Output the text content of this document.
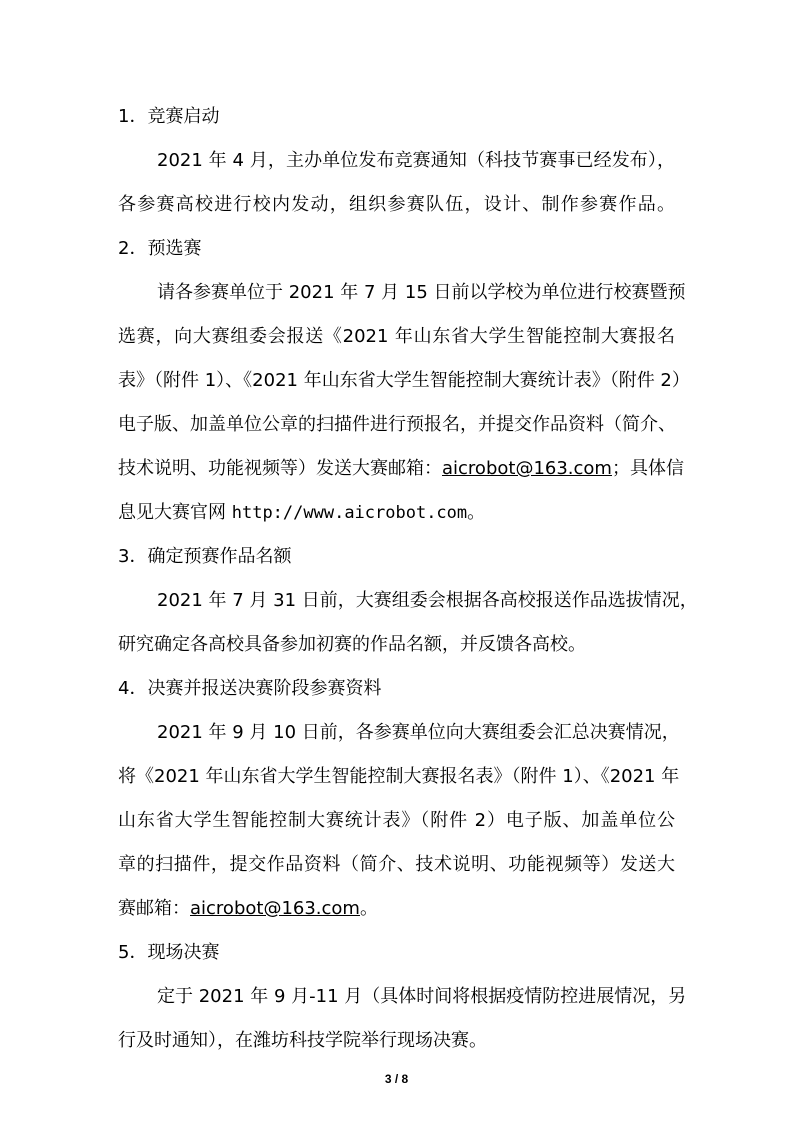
1．竞赛启动
2021 年 4 月，主办单位发布竞赛通知（科技节赛事已经发布），
各参赛高校进行校内发动，组织参赛队伍，设计、制作参赛作品。
2．预选赛
请各参赛单位于 2021 年 7 月 15 日前以学校为单位进行校赛暨预
选赛，向大赛组委会报送《2021 年山东省大学生智能控制大赛报名
表》（附件 1）、《2021 年山东省大学生智能控制大赛统计表》（附件 2）
电子版、加盖单位公章的扫描件进行预报名，并提交作品资料（简介、
技术说明、功能视频等）发送大赛邮箱：aicrobot@163.com；具体信
息见大赛官网 http://www.aicrobot.com。
3．确定预赛作品名额
2021 年 7 月 31 日前，大赛组委会根据各高校报送作品选拔情况，
研究确定各高校具备参加初赛的作品名额，并反馈各高校。
4．决赛并报送决赛阶段参赛资料
2021 年 9 月 10 日前，各参赛单位向大赛组委会汇总决赛情况，
将《2021 年山东省大学生智能控制大赛报名表》（附件 1）、《2021 年
山东省大学生智能控制大赛统计表》（附件 2）电子版、加盖单位公
章的扫描件，提交作品资料（简介、技术说明、功能视频等）发送大
赛邮箱：aicrobot@163.com。
5．现场决赛
定于 2021 年 9 月-11 月（具体时间将根据疫情防控进展情况，另
行及时通知），在潍坊科技学院举行现场决赛。
3 / 8
